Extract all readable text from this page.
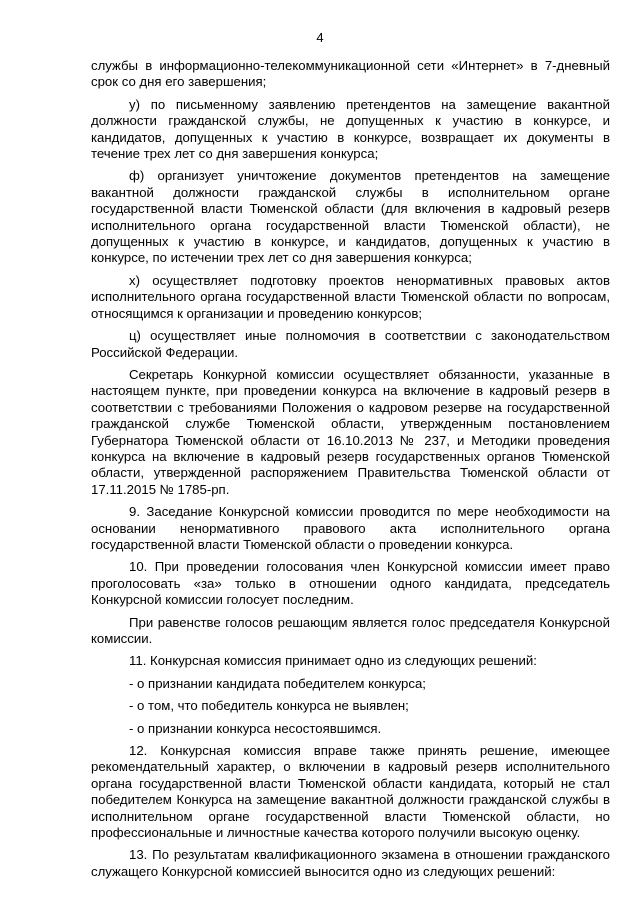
4

службы в информационно-телекоммуникационной сети «Интернет» в 7-дневный срок со дня его завершения;

у) по письменному заявлению претендентов на замещение вакантной должности гражданской службы, не допущенных к участию в конкурсе, и кандидатов, допущенных к участию в конкурсе, возвращает их документы в течение трех лет со дня завершения конкурса;

ф) организует уничтожение документов претендентов на замещение вакантной должности гражданской службы в исполнительном органе государственной власти Тюменской области (для включения в кадровый резерв исполнительного органа государственной власти Тюменской области), не допущенных к участию в конкурсе, и кандидатов, допущенных к участию в конкурсе, по истечении трех лет со дня завершения конкурса;

х) осуществляет подготовку проектов ненормативных правовых актов исполнительного органа государственной власти Тюменской области по вопросам, относящимся к организации и проведению конкурсов;

ц) осуществляет иные полномочия в соответствии с законодательством Российской Федерации.

Секретарь Конкурной комиссии осуществляет обязанности, указанные в настоящем пункте, при проведении конкурса на включение в кадровый резерв в соответствии с требованиями Положения о кадровом резерве на государственной гражданской службе Тюменской области, утвержденным постановлением Губернатора Тюменской области от 16.10.2013 № 237, и Методики проведения конкурса на включение в кадровый резерв государственных органов Тюменской области, утвержденной распоряжением Правительства Тюменской области от 17.11.2015 № 1785-рп.

9. Заседание Конкурсной комиссии проводится по мере необходимости на основании ненормативного правового акта исполнительного органа государственной власти Тюменской области о проведении конкурса.

10. При проведении голосования член Конкурсной комиссии имеет право проголосовать «за» только в отношении одного кандидата, председатель Конкурсной комиссии голосует последним.

При равенстве голосов решающим является голос председателя Конкурсной комиссии.

11. Конкурсная комиссия принимает одно из следующих решений:

- о признании кандидата победителем конкурса;

- о том, что победитель конкурса не выявлен;

- о признании конкурса несостоявшимся.

12. Конкурсная комиссия вправе также принять решение, имеющее рекомендательный характер, о включении в кадровый резерв исполнительного органа государственной власти Тюменской области кандидата, который не стал победителем Конкурса на замещение вакантной должности гражданской службы в исполнительном органе государственной власти Тюменской области, но профессиональные и личностные качества которого получили высокую оценку.

13. По результатам квалификационного экзамена в отношении гражданского служащего Конкурсной комиссией выносится одно из следующих решений:
